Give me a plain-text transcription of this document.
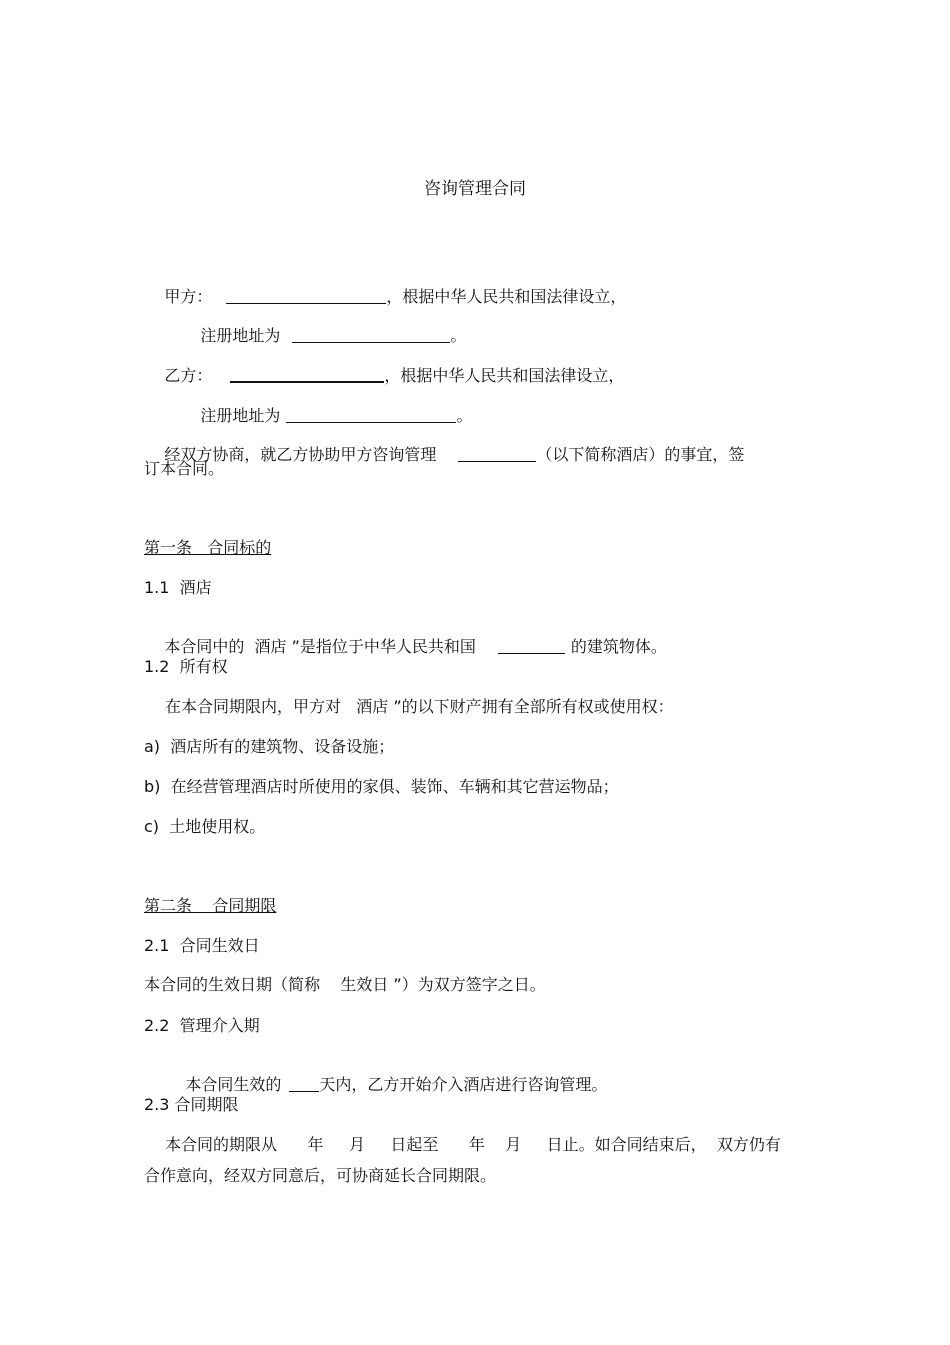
咨询管理合同

甲方：	，根据中华人民共和国法律设立，

注册地址为	。

乙方：	，根据中华人民共和国法律设立，

注册地址为	。

经双方协商，就乙方协助甲方咨询管理	（以下简称酒店）的事宜，签

订本合同。
第一条   合同标的
1.1  酒店

本合同中的  酒店 ”是指位于中华人民共和国	的建筑物体。

1.2  所有权
在本合同期限内，甲方对   酒店 ”的以下财产拥有全部所有权或使用权：
a)  酒店所有的建筑物、设备设施；
b)  在经营管理酒店时所使用的家俱、装饰、车辆和其它营运物品；
c)  土地使用权。
第二条    合同期限
2.1  合同生效日
本合同的生效日期（简称    生效日 ”）为双方签字之日。
2.2  管理介入期

本合同生效的 天内，乙方开始介入酒店进行咨询管理。

2.3 合同期限
本合同的期限从      年     月     日起至      年    月     日止。如合同结束后，  双方仍有
合作意向，经双方同意后，可协商延长合同期限。
